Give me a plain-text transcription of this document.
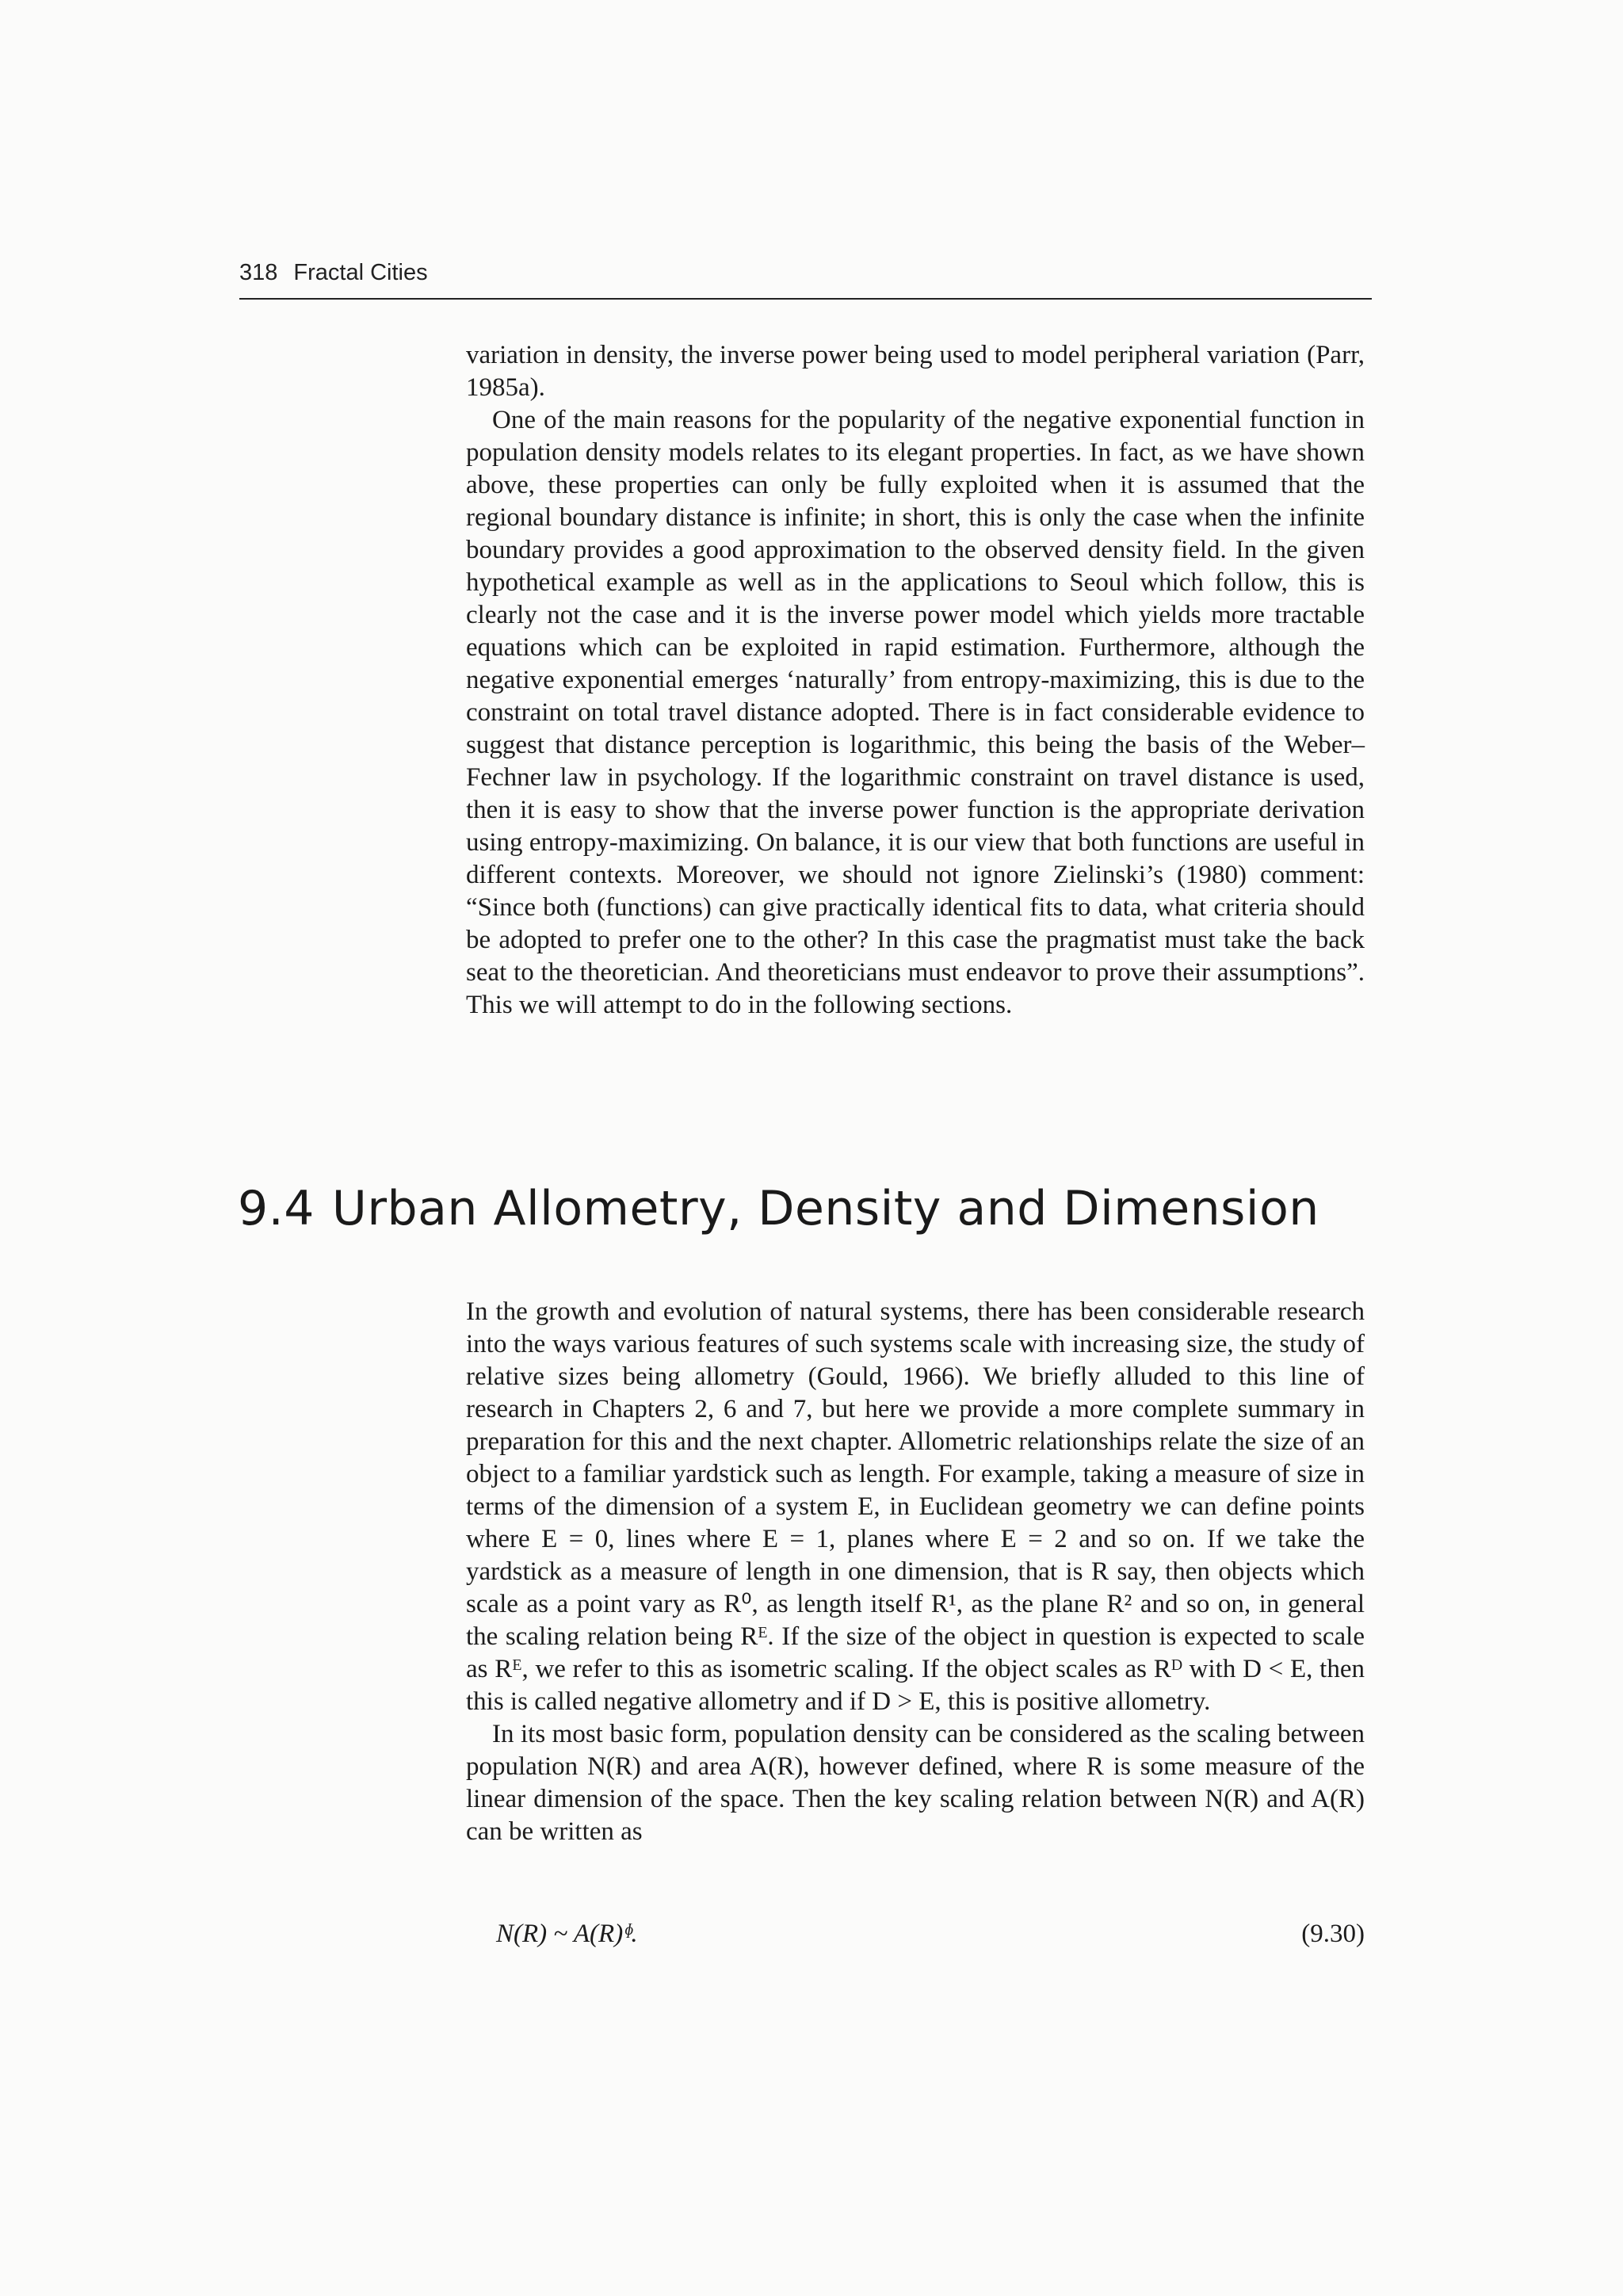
318 Fractal Cities

variation in density, the inverse power being used to model peripheral variation (Parr, 1985a).

One of the main reasons for the popularity of the negative exponential function in population density models relates to its elegant properties. In fact, as we have shown above, these properties can only be fully exploited when it is assumed that the regional boundary distance is infinite; in short, this is only the case when the infinite boundary provides a good approximation to the observed density field. In the given hypothetical example as well as in the applications to Seoul which follow, this is clearly not the case and it is the inverse power model which yields more tractable equations which can be exploited in rapid estimation. Furthermore, although the negative exponential emerges ‘naturally’ from entropy-maximizing, this is due to the constraint on total travel distance adopted. There is in fact considerable evidence to suggest that distance perception is logarithmic, this being the basis of the Weber–Fechner law in psychology. If the logarithmic constraint on travel distance is used, then it is easy to show that the inverse power function is the appropriate derivation using entropy-maximizing. On balance, it is our view that both functions are useful in different contexts. Moreover, we should not ignore Zielinski’s (1980) comment: “Since both (functions) can give practically identical fits to data, what criteria should be adopted to prefer one to the other? In this case the pragmatist must take the back seat to the theoretician. And theoreticians must endeavor to prove their assumptions”. This we will attempt to do in the following sections.

9.4 Urban Allometry, Density and Dimension

In the growth and evolution of natural systems, there has been considerable research into the ways various features of such systems scale with increasing size, the study of relative sizes being allometry (Gould, 1966). We briefly alluded to this line of research in Chapters 2, 6 and 7, but here we provide a more complete summary in preparation for this and the next chapter. Allometric relationships relate the size of an object to a familiar yardstick such as length. For example, taking a measure of size in terms of the dimension of a system E, in Euclidean geometry we can define points where E = 0, lines where E = 1, planes where E = 2 and so on. If we take the yardstick as a measure of length in one dimension, that is R say, then objects which scale as a point vary as R⁰, as length itself R¹, as the plane R² and so on, in general the scaling relation being Rᴱ. If the size of the object in question is expected to scale as Rᴱ, we refer to this as isometric scaling. If the object scales as Rᴰ with D < E, then this is called negative allometry and if D > E, this is positive allometry.

In its most basic form, population density can be considered as the scaling between population N(R) and area A(R), however defined, where R is some measure of the linear dimension of the space. Then the key scaling relation between N(R) and A(R) can be written as

N(R) ~ A(R)ᶲ.	(9.30)
